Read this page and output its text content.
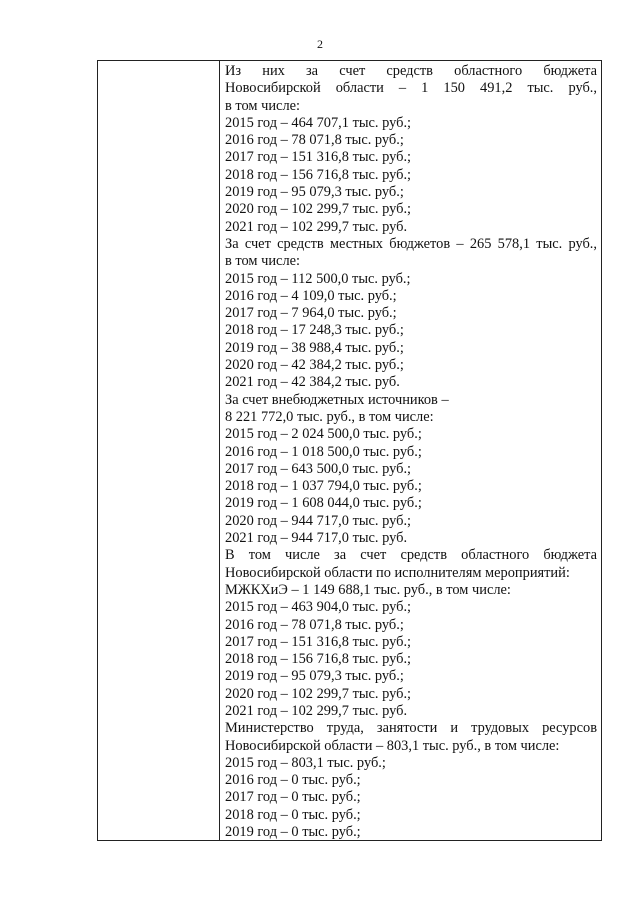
2
Из них за счет средств областного бюджета
Новосибирской области – 1 150 491,2 тыс. руб.,
в том числе:
2015 год – 464 707,1 тыс. руб.;
2016 год – 78 071,8 тыс. руб.;
2017 год – 151 316,8 тыс. руб.;
2018 год – 156 716,8 тыс. руб.;
2019 год – 95 079,3 тыс. руб.;
2020 год – 102 299,7 тыс. руб.;
2021 год – 102 299,7 тыс. руб.
За счет средств местных бюджетов – 265 578,1 тыс. руб.,
в том числе:
2015 год – 112 500,0 тыс. руб.;
2016 год – 4 109,0 тыс. руб.;
2017 год – 7 964,0 тыс. руб.;
2018 год – 17 248,3 тыс. руб.;
2019 год – 38 988,4 тыс. руб.;
2020 год – 42 384,2 тыс. руб.;
2021 год – 42 384,2 тыс. руб.
За счет внебюджетных источников –
8 221 772,0 тыс. руб., в том числе:
2015 год – 2 024 500,0 тыс. руб.;
2016 год – 1 018 500,0 тыс. руб.;
2017 год – 643 500,0 тыс. руб.;
2018 год – 1 037 794,0 тыс. руб.;
2019 год – 1 608 044,0 тыс. руб.;
2020 год – 944 717,0 тыс. руб.;
2021 год – 944 717,0 тыс. руб.
В том числе за счет средств областного бюджета
Новосибирской области по исполнителям мероприятий:
МЖКХиЭ – 1 149 688,1 тыс. руб., в том числе:
2015 год – 463 904,0 тыс. руб.;
2016 год – 78 071,8 тыс. руб.;
2017 год – 151 316,8 тыс. руб.;
2018 год – 156 716,8 тыс. руб.;
2019 год – 95 079,3 тыс. руб.;
2020 год – 102 299,7 тыс. руб.;
2021 год – 102 299,7 тыс. руб.
Министерство труда, занятости и трудовых ресурсов
Новосибирской области – 803,1 тыс. руб., в том числе:
2015 год – 803,1 тыс. руб.;
2016 год – 0 тыс. руб.;
2017 год – 0 тыс. руб.;
2018 год – 0 тыс. руб.;
2019 год – 0 тыс. руб.;
